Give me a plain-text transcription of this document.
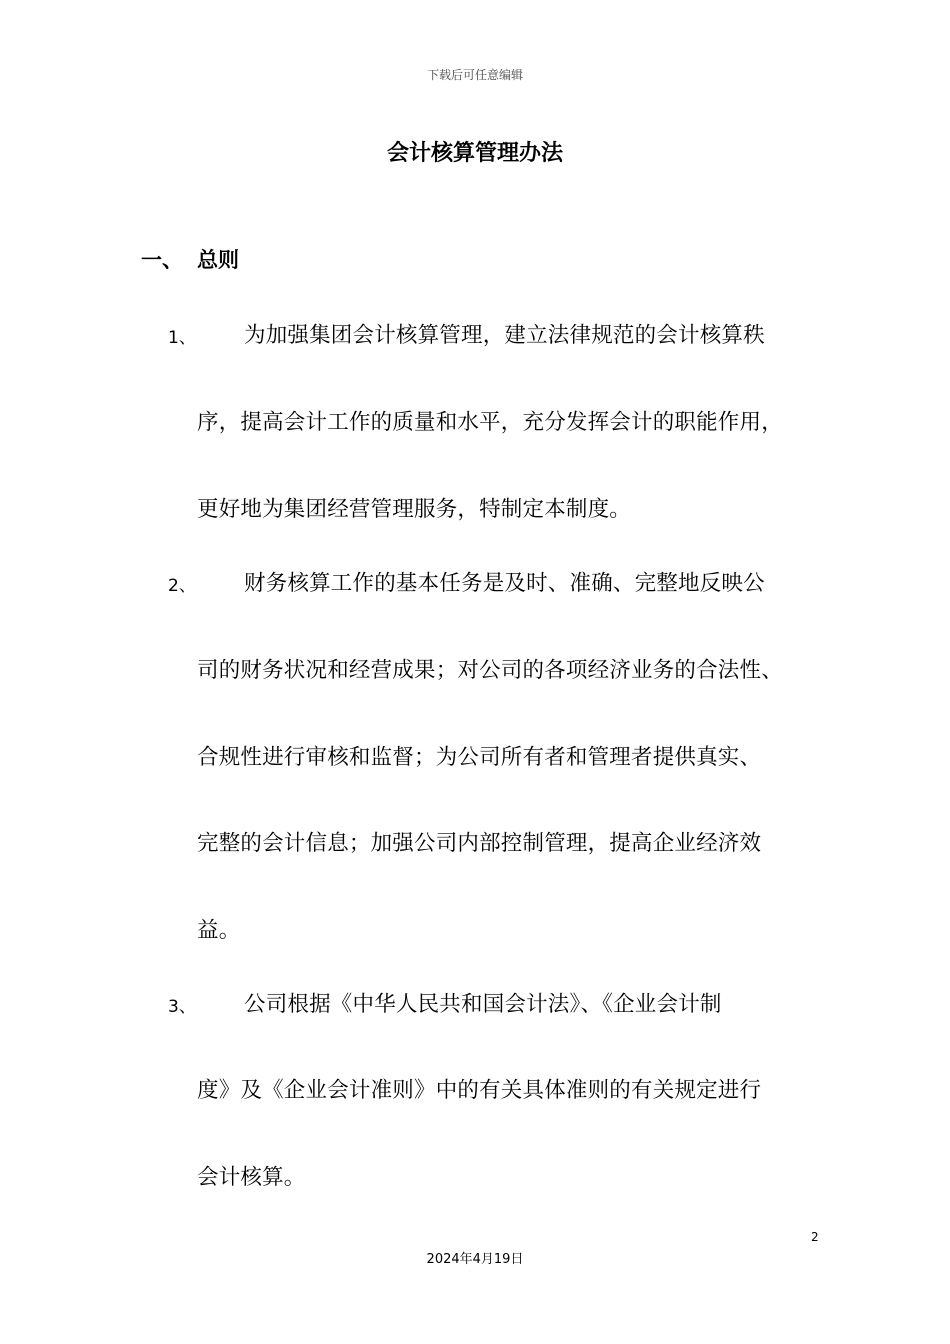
下载后可任意编辑
会计核算管理办法
一、 总则
1、 为加强集团会计核算管理，建立法律规范的会计核算秩
序，提高会计工作的质量和水平，充分发挥会计的职能作用，
更好地为集团经营管理服务，特制定本制度。
2、 财务核算工作的基本任务是及时、准确、完整地反映公
司的财务状况和经营成果；对公司的各项经济业务的合法性、
合规性进行审核和监督；为公司所有者和管理者提供真实、
完整的会计信息；加强公司内部控制管理，提高企业经济效
益。
3、 公司根据《中华人民共和国会计法》、《企业会计制
度》及《企业会计准则》中的有关具体准则的有关规定进行
会计核算。
2
2024年4月19日
